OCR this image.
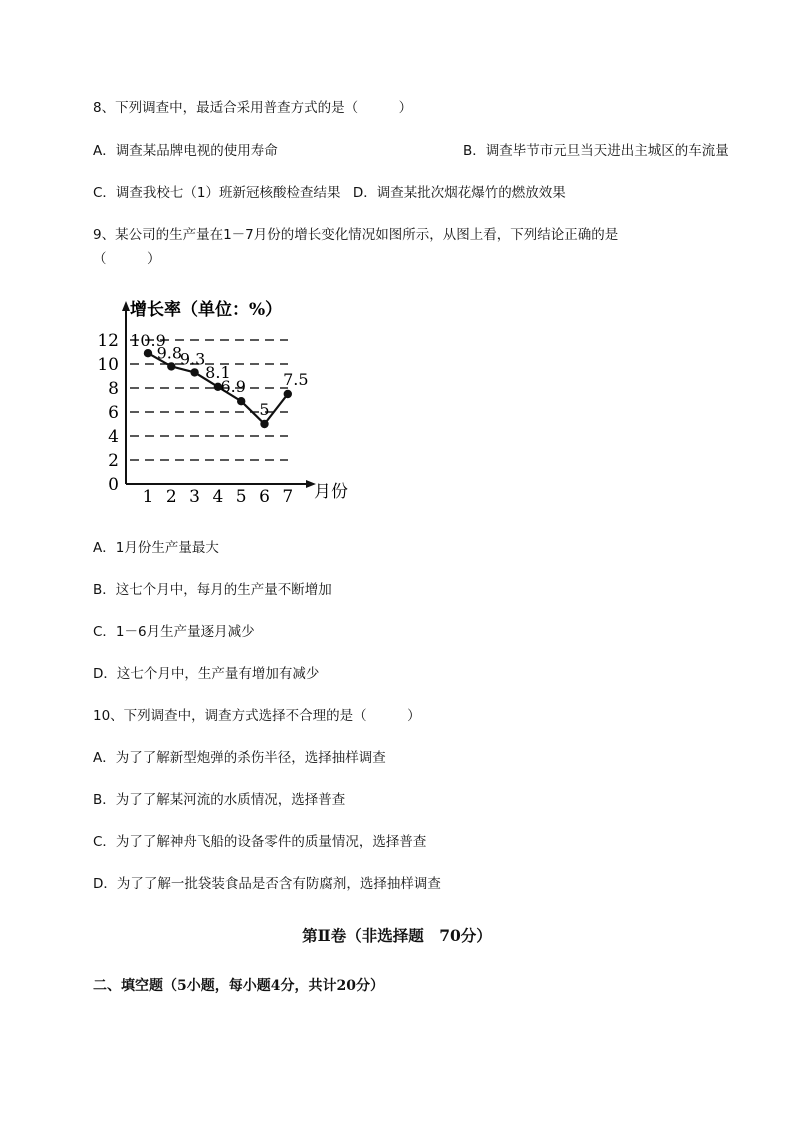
8、下列调查中，最适合采用普查方式的是（　　　）
A．调查某品牌电视的使用寿命	B．调查毕节市元旦当天进出主城区的车流量
C．调查我校七（1）班新冠核酸检查结果 D．调查某批次烟花爆竹的燃放效果
9、某公司的生产量在1－7月份的增长变化情况如图所示，从图上看，下列结论正确的是
（　　　）
增长率（单位：%）
月份
0
2
4
6
8
10
12
1 2 3 4 5 6 7
10.9
9.8
9.3
8.1
6.9
5
7.5
A．1月份生产量最大
B．这七个月中，每月的生产量不断增加
C．1－6月生产量逐月减少
D．这七个月中，生产量有增加有减少
10、下列调查中，调查方式选择不合理的是（　　　）
A．为了了解新型炮弹的杀伤半径，选择抽样调查
B．为了了解某河流的水质情况，选择普查
C．为了了解神舟飞船的设备零件的质量情况，选择普查
D．为了了解一批袋装食品是否含有防腐剂，选择抽样调查
第Ⅱ卷（非选择题　70分）
二、填空题（5小题，每小题4分，共计20分）
